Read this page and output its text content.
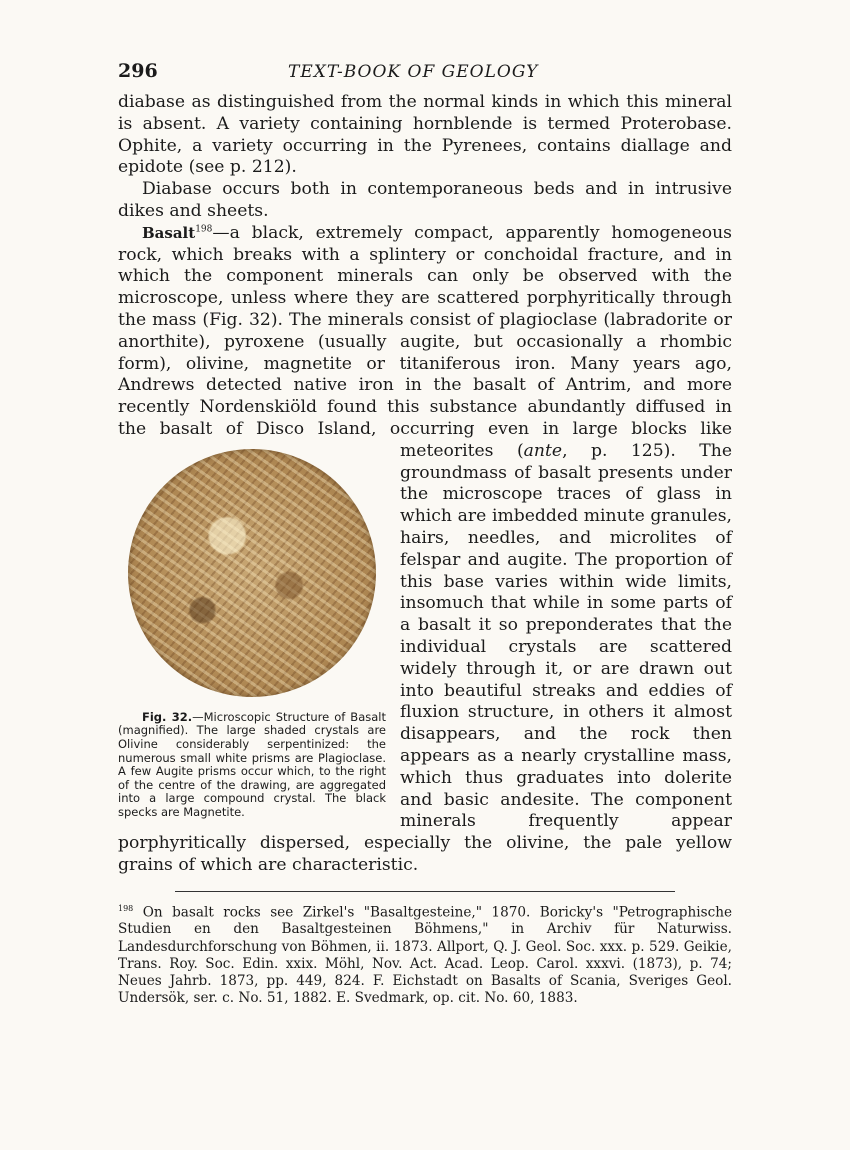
296	TEXT-BOOK OF GEOLOGY

diabase as distinguished from the normal kinds in which this mineral is absent. A variety containing hornblende is termed Proterobase. Ophite, a variety occurring in the Pyrenees, contains diallage and epidote (see p. 212).

Diabase occurs both in contemporaneous beds and in intrusive dikes and sheets.

Basalt$^{198}$—a black, extremely compact, apparently homogeneous rock, which breaks with a splintery or conchoidal fracture, and in which the component minerals can only be observed with the microscope, unless where they are scattered porphyritically through the mass (Fig. 32). The minerals consist of plagioclase (labradorite or anorthite), pyroxene (usually augite, but occasionally a rhombic form), olivine, magnetite or titaniferous iron. Many years ago, Andrews detected native iron in the basalt of Antrim, and more recently Nordenskiöld found this substance abundantly diffused in the basalt of Disco Island, occurring even in large blocks like meteorites (
Fig. 32.—Microscopic Structure of Basalt (magnified). The large shaded crystals are Olivine considerably serpentinized: the numerous small white prisms are Plagioclase. A few Augite prisms occur which, to the right of the centre of the drawing, are aggregated into a large compound crystal. The black specks are Magnetite.
ante, p. 125). The groundmass of basalt presents under the microscope traces of glass in which are imbedded minute granules, hairs, needles, and microlites of felspar and augite. The proportion of this base varies within wide limits, insomuch that while in some parts of a basalt it so preponderates that the individual crystals are scattered widely through it, or are drawn out into beautiful streaks and eddies of fluxion structure, in others it almost disappears, and the rock then appears as a nearly crystalline mass, which thus graduates into dolerite and basic andesite. The component minerals frequently appear porphyritically dispersed, especially the olivine, the pale yellow grains of which are characteristic.

$^{198}$ On basalt rocks see Zirkel's "Basaltgesteine," 1870. Boricky's "Petrographische Studien en den Basaltgesteinen Böhmens," in Archiv für Naturwiss. Landesdurchforschung von Böhmen, ii. 1873. Allport, Q. J. Geol. Soc. xxx. p. 529. Geikie, Trans. Roy. Soc. Edin. xxix. Möhl, Nov. Act. Acad. Leop. Carol. xxxvi. (1873), p. 74; Neues Jahrb. 1873, pp. 449, 824. F. Eichstadt on Basalts of Scania, Sveriges Geol. Undersök, ser. c. No. 51, 1882. E. Svedmark, op. cit. No. 60, 1883.
